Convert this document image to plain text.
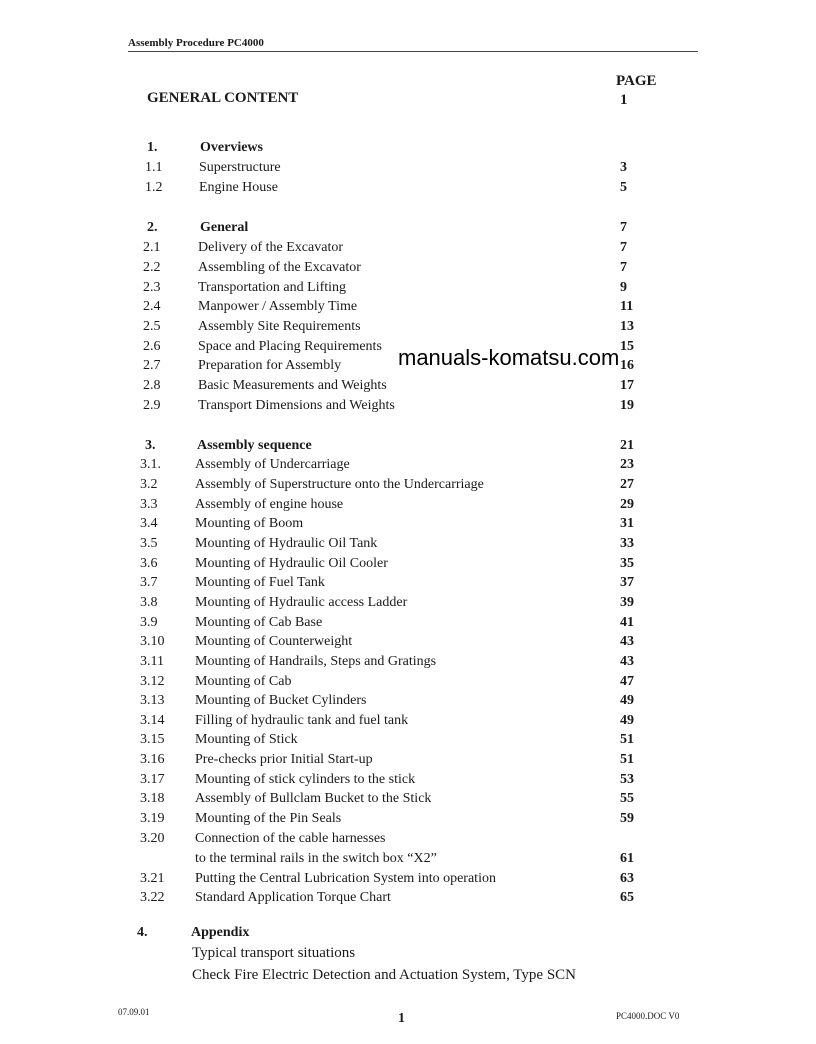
Assembly Procedure PC4000
PAGE
GENERAL CONTENT	1
1.	Overviews
1.1	Superstructure	3
1.2	Engine House	5
2.	General	7
2.1	Delivery of the Excavator	7
2.2	Assembling of the Excavator	7
2.3	Transportation and Lifting	9
2.4	Manpower / Assembly Time	11
2.5	Assembly Site Requirements	13
2.6	Space and Placing Requirements	15
2.7	Preparation for Assembly	16
2.8	Basic Measurements and Weights	17
2.9	Transport Dimensions and Weights	19
3.	Assembly sequence	21
3.1. Assembly of Undercarriage	23
3.2	Assembly of Superstructure onto the Undercarriage	27
3.3	Assembly of engine house	29
3.4	Mounting of Boom	31
3.5	Mounting of Hydraulic Oil Tank	33
3.6	Mounting of Hydraulic Oil Cooler	35
3.7	Mounting of Fuel Tank	37
3.8	Mounting of Hydraulic access Ladder	39
3.9	Mounting of Cab Base	41
3.10 Mounting of Counterweight	43
3.11 Mounting of Handrails, Steps and Gratings	43
3.12 Mounting of Cab	47
3.13 Mounting of Bucket Cylinders	49
3.14 Filling of hydraulic tank and fuel tank	49
3.15 Mounting of Stick	51
3.16 Pre-checks prior Initial Start-up	51
3.17 Mounting of stick cylinders to the stick	53
3.18 Assembly of Bullclam Bucket to the Stick	55
3.19 Mounting of the Pin Seals	59
3.20 Connection of the cable harnesses
to the terminal rails in the switch box “X2”	61
3.21 Putting the Central Lubrication System into operation	63
3.22 Standard Application Torque Chart	65
4.	Appendix
Typical transport situations
Check Fire Electric Detection and Actuation System, Type SCN
manuals-komatsu.com
07.09.01	1	PC4000.DOC V0
